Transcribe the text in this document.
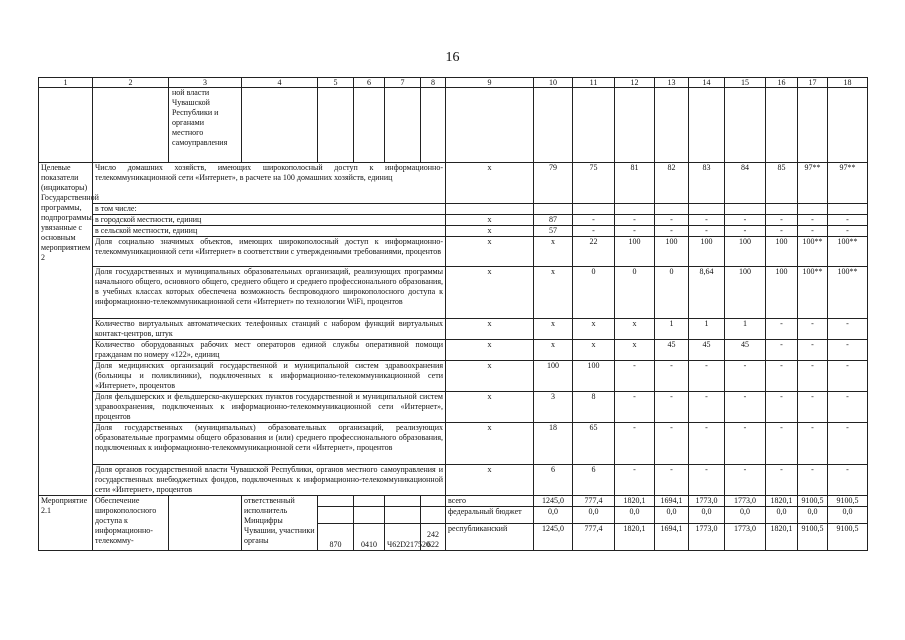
16
1	2	3	4	5	6	7	8	9	10	11	12	13	14	15	16	17	18
		ной власти Чувашской Республики и органами местного самоуправления															
Целевые показатели (индикаторы) Государственной программы, подпрограммы, увязанные с основным мероприятием 2	Число домашних хозяйств, имеющих широкополосный доступ к информационно-телекоммуникационной сети «Интернет», в расчете на 100 домашних хозяйств, единиц							х	79	75	81	82	83	84	85	97**	97**
	в том числе:																
	в городской местности, единиц							х	87	-	-	-	-	-	-	-	-
	в сельской местности, единиц							х	57	-	-	-	-	-	-	-	-
	Доля социально значимых объектов, имеющих широкополосный доступ к информационно-телекоммуникационной сети «Интернет» в соответствии с утвержденными требованиями, процентов							х	х	22	100	100	100	100	100	100**	100**
	Доля государственных и муниципальных образовательных организаций, реализующих программы начального общего, основного общего, среднего общего и среднего профессионального образования, в учебных классах которых обеспечена возможность беспроводного широкополосного доступа к информационно-телекоммуникационной сети «Интернет» по технологии WiFi, процентов							х	х	0	0	0	8,64	100	100	100**	100**
	Количество виртуальных автоматических телефонных станций с набором функций виртуальных контакт-центров, штук							х	х	х	х	1	1	1	-	-	-
	Количество оборудованных рабочих мест операторов единой службы оперативной помощи гражданам по номеру «122», единиц							х	х	х	х	45	45	45	-	-	-
	Доля медицинских организаций государственной и муниципальной систем здравоохранения (больницы и поликлиники), подключенных к информационно-телекоммуникационной сети «Интернет», процентов							х	100	100	-	-	-	-	-	-	-
	Доля фельдшерских и фельдшерско-акушерских пунктов государственной и муниципальной систем здравоохранения, подключенных к информационно-телекоммуникационной сети «Интернет», процентов							х	3	8	-	-	-	-	-	-	-
	Доля государственных (муниципальных) образовательных организаций, реализующих образовательные программы общего образования и (или) среднего профессионального образования, подключенных к информационно-телекоммуникационной сети «Интернет», процентов							х	18	65	-	-	-	-	-	-	-
	Доля органов государственной власти Чувашской Республики, органов местного самоуправления и государственных внебюджетных фондов, подключенных к информационно-телекоммуникационной сети «Интернет», процентов							х	6	6	-	-	-	-	-	-	-
Мероприятие 2.1	Обеспечение широкополосного доступа к информационно-телекомму-		ответственный исполнитель Минцифры Чувашии, участники органы					всего	1245,0	777,4	1820,1	1694,1	1773,0	1773,0	1820,1	9100,5	9100,5
								федеральный бюджет	0,0	0,0	0,0	0,0	0,0	0,0	0,0	0,0	0,0
				870	0410	Ч62D217520	242 622	республиканский	1245,0	777,4	1820,1	1694,1	1773,0	1773,0	1820,1	9100,5	9100,5
